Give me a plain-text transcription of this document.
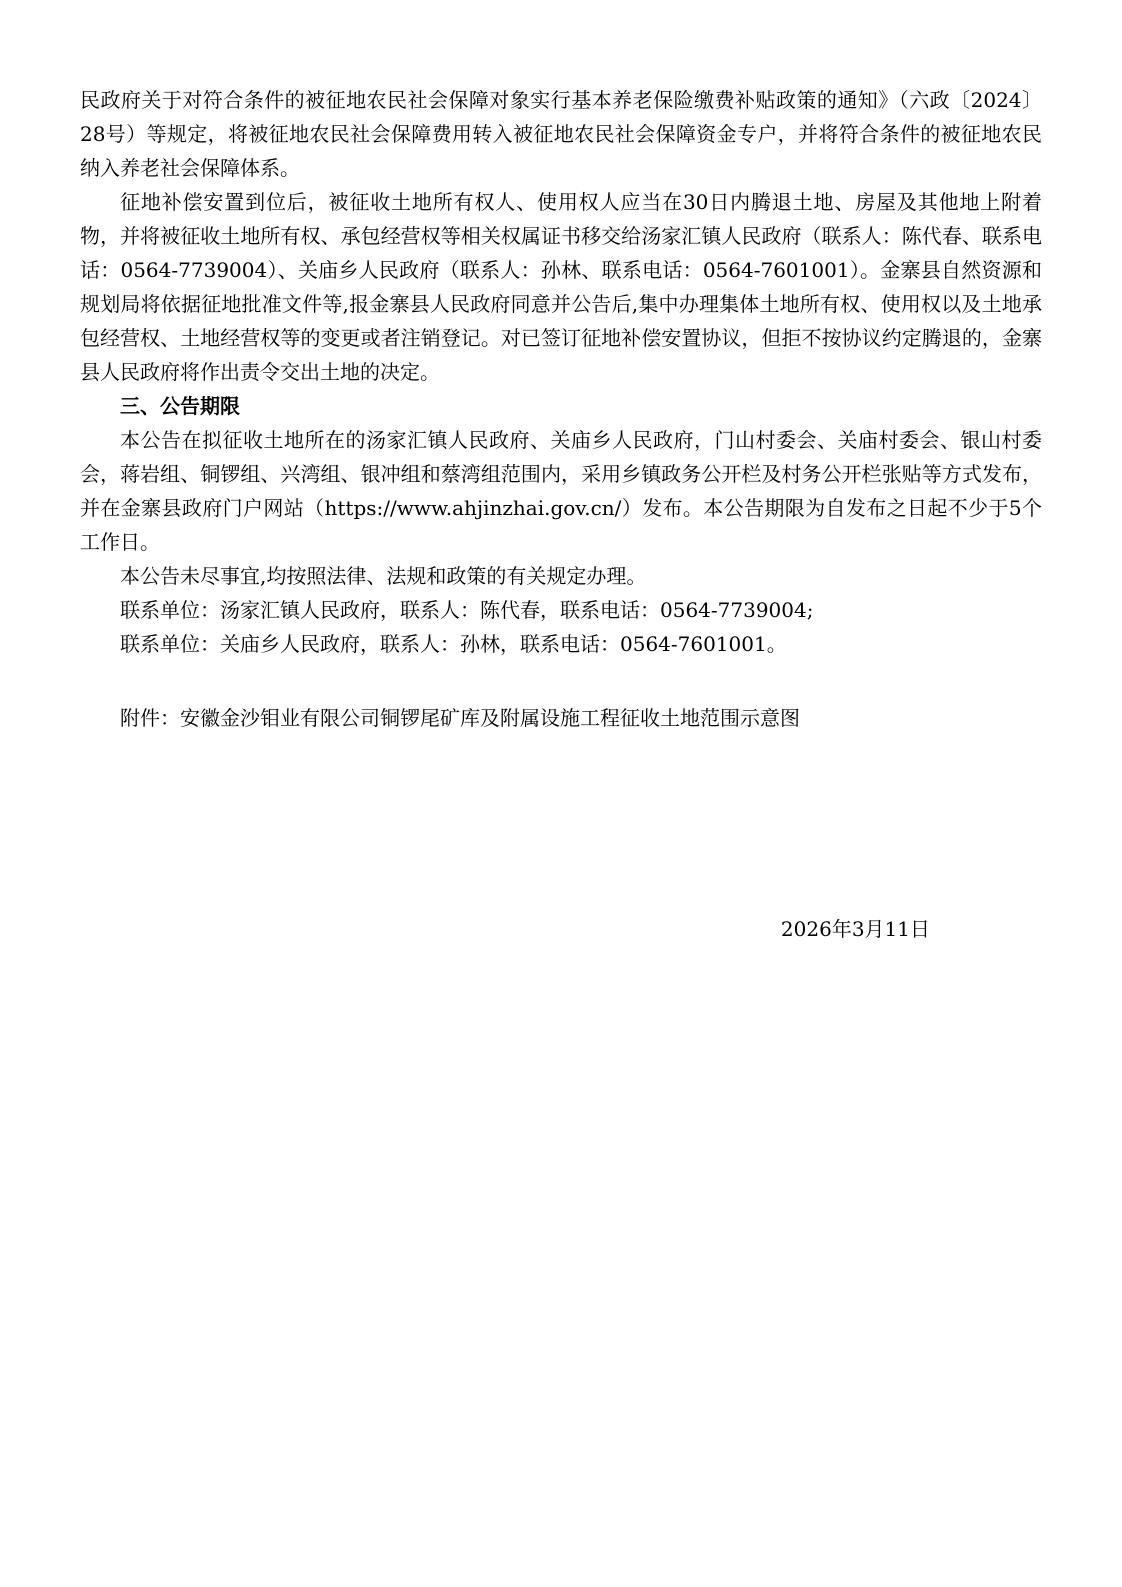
民政府关于对符合条件的被征地农民社会保障对象实行基本养老保险缴费补贴政策的通知》（六政〔2024〕28号）等规定，将被征地农民社会保障费用转入被征地农民社会保障资金专户，并将符合条件的被征地农民纳入养老社会保障体系。

征地补偿安置到位后，被征收土地所有权人、使用权人应当在30日内腾退土地、房屋及其他地上附着物，并将被征收土地所有权、承包经营权等相关权属证书移交给汤家汇镇人民政府（联系人：陈代春、联系电话：0564-7739004）、关庙乡人民政府（联系人：孙林、联系电话：0564-7601001）。金寨县自然资源和规划局将依据征地批准文件等,报金寨县人民政府同意并公告后,集中办理集体土地所有权、使用权以及土地承包经营权、土地经营权等的变更或者注销登记。对已签订征地补偿安置协议，但拒不按协议约定腾退的，金寨县人民政府将作出责令交出土地的决定。

三、公告期限

本公告在拟征收土地所在的汤家汇镇人民政府、关庙乡人民政府，门山村委会、关庙村委会、银山村委会，蒋岩组、铜锣组、兴湾组、银冲组和蔡湾组范围内，采用乡镇政务公开栏及村务公开栏张贴等方式发布，并在金寨县政府门户网站（https://www.ahjinzhai.gov.cn/）发布。本公告期限为自发布之日起不少于5个工作日。

本公告未尽事宜,均按照法律、法规和政策的有关规定办理。

联系单位：汤家汇镇人民政府，联系人：陈代春，联系电话：0564-7739004;

联系单位：关庙乡人民政府，联系人：孙林，联系电话：0564-7601001。

附件：安徽金沙钼业有限公司铜锣尾矿库及附属设施工程征收土地范围示意图

2026年3月11日
